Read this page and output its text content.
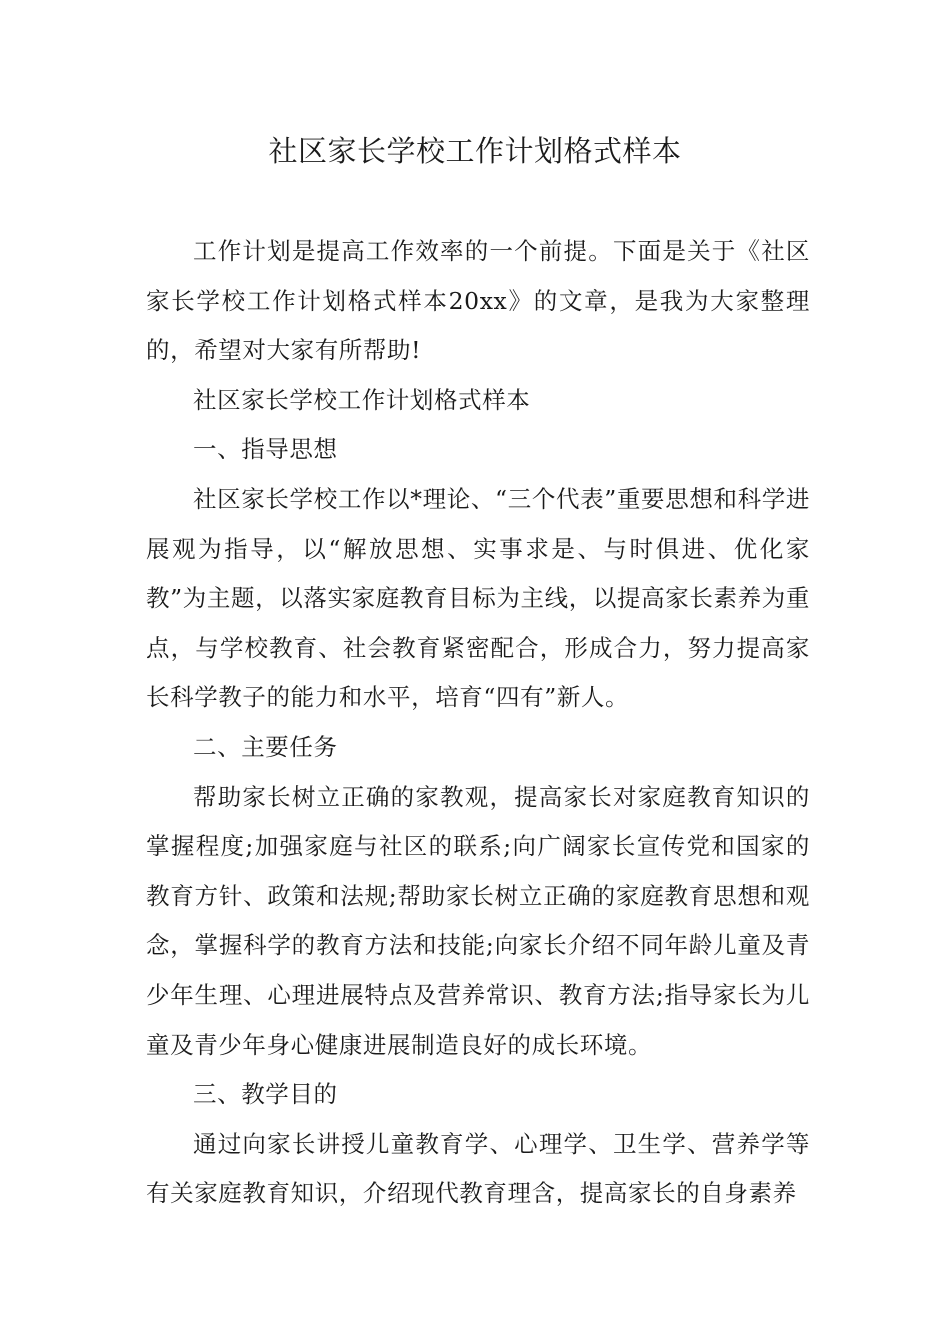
社区家长学校工作计划格式样本

工作计划是提高工作效率的一个前提。下面是关于《社区家长学校工作计划格式样本20xx》的文章，是我为大家整理的，希望对大家有所帮助!

社区家长学校工作计划格式样本

一、指导思想

社区家长学校工作以*理论、“三个代表”重要思想和科学进展观为指导，以“解放思想、实事求是、与时俱进、优化家教”为主题，以落实家庭教育目标为主线，以提高家长素养为重点，与学校教育、社会教育紧密配合，形成合力，努力提高家长科学教子的能力和水平，培育“四有”新人。

二、主要任务

帮助家长树立正确的家教观，提高家长对家庭教育知识的掌握程度;加强家庭与社区的联系;向广阔家长宣传党和国家的教育方针、政策和法规;帮助家长树立正确的家庭教育思想和观念，掌握科学的教育方法和技能;向家长介绍不同年龄儿童及青少年生理、心理进展特点及营养常识、教育方法;指导家长为儿童及青少年身心健康进展制造良好的成长环境。

三、教学目的

通过向家长讲授儿童教育学、心理学、卫生学、营养学等有关家庭教育知识，介绍现代教育理含，提高家长的自身素养
